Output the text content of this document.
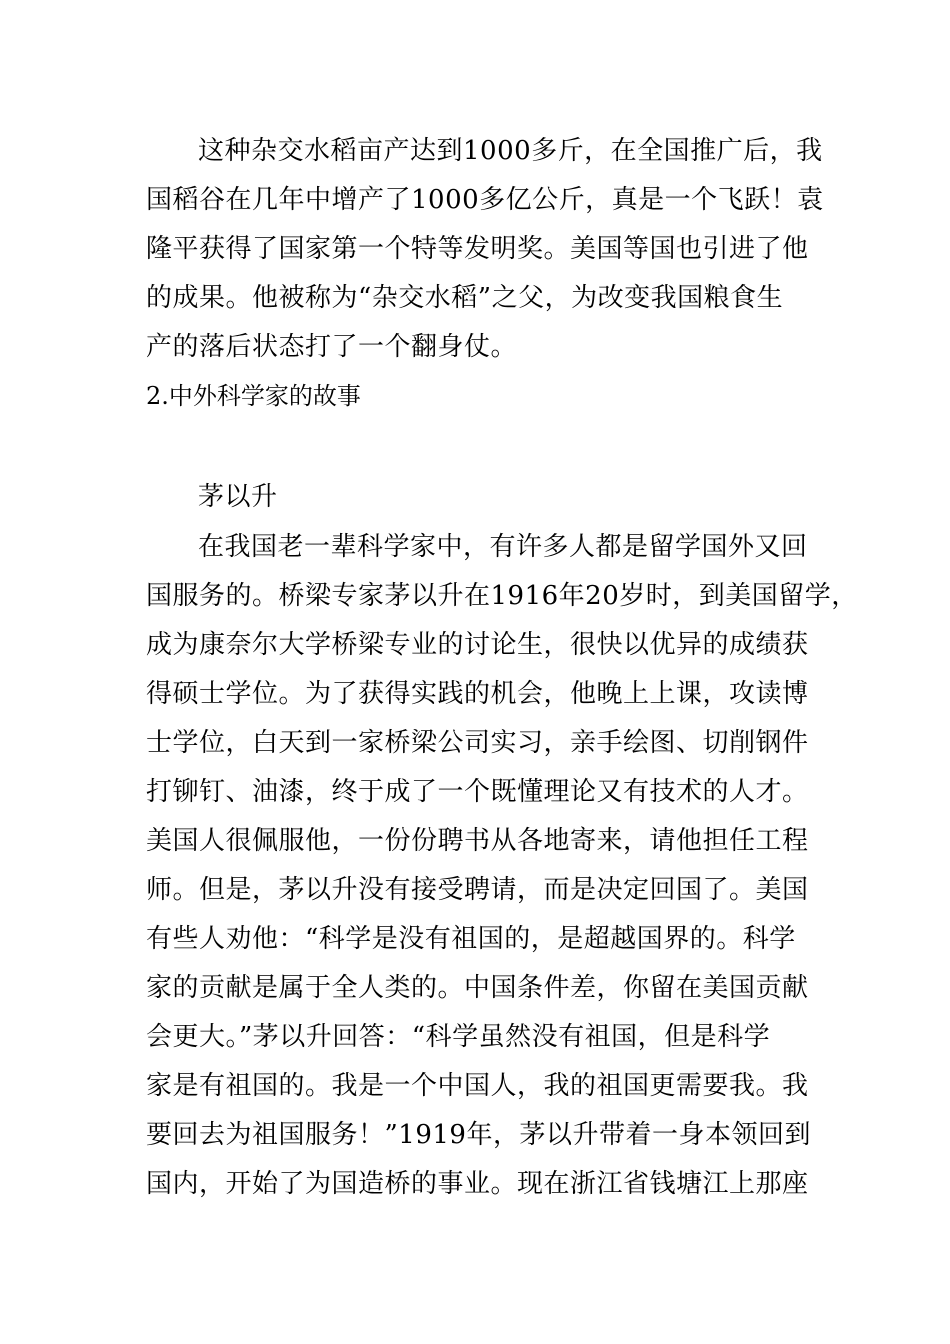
这种杂交水稻亩产达到1000多斤，在全国推广后，我
国稻谷在几年中增产了1000多亿公斤，真是一个飞跃！袁
隆平获得了国家第一个特等发明奖。美国等国也引进了他
的成果。他被称为“杂交水稻”之父，为改变我国粮食生
产的落后状态打了一个翻身仗。
2.中外科学家的故事
茅以升
在我国老一辈科学家中，有许多人都是留学国外又回
国服务的。桥梁专家茅以升在1916年20岁时，到美国留学，
成为康奈尔大学桥梁专业的讨论生，很快以优异的成绩获
得硕士学位。为了获得实践的机会，他晚上上课，攻读博
士学位，白天到一家桥梁公司实习，亲手绘图、切削钢件
打铆钉、油漆，终于成了一个既懂理论又有技术的人才。
美国人很佩服他，一份份聘书从各地寄来，请他担任工程
师。但是，茅以升没有接受聘请，而是决定回国了。美国
有些人劝他：“科学是没有祖国的，是超越国界的。科学
家的贡献是属于全人类的。中国条件差，你留在美国贡献
会更大。”茅以升回答：“科学虽然没有祖国，但是科学
家是有祖国的。我是一个中国人，我的祖国更需要我。我
要回去为祖国服务！”1919年，茅以升带着一身本领回到
国内，开始了为国造桥的事业。现在浙江省钱塘江上那座
